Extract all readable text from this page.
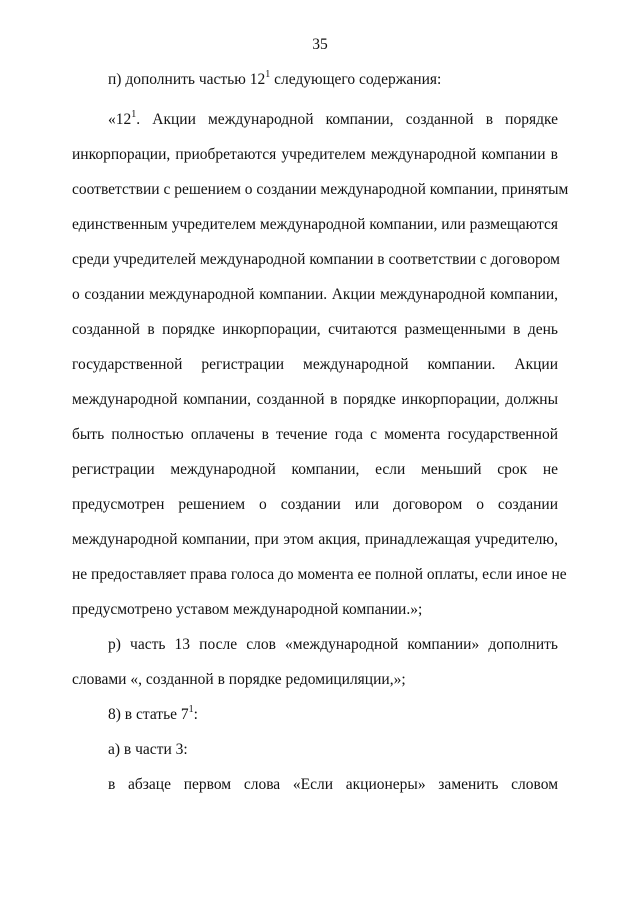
35
п) дополнить частью $12^1$ следующего содержания:
«$12^1$. Акции международной компании, созданной в порядке
инкорпорации, приобретаются учредителем международной компании в
соответствии с решением о создании международной компании, принятым
единственным учредителем международной компании, или размещаются
среди учредителей международной компании в соответствии с договором
о создании международной компании. Акции международной компании,
созданной в порядке инкорпорации, считаются размещенными в день
государственной регистрации международной компании. Акции
международной компании, созданной в порядке инкорпорации, должны
быть полностью оплачены в течение года с момента государственной
регистрации международной компании, если меньший срок не
предусмотрен решением о создании или договором о создании
международной компании, при этом акция, принадлежащая учредителю,
не предоставляет права голоса до момента ее полной оплаты, если иное не
предусмотрено уставом международной компании.»;
р) часть 13 после слов «международной компании» дополнить
словами «, созданной в порядке редомициляции,»;
8) в статье $7^1$:
а) в части 3:
в абзаце первом слова «Если акционеры» заменить словом
